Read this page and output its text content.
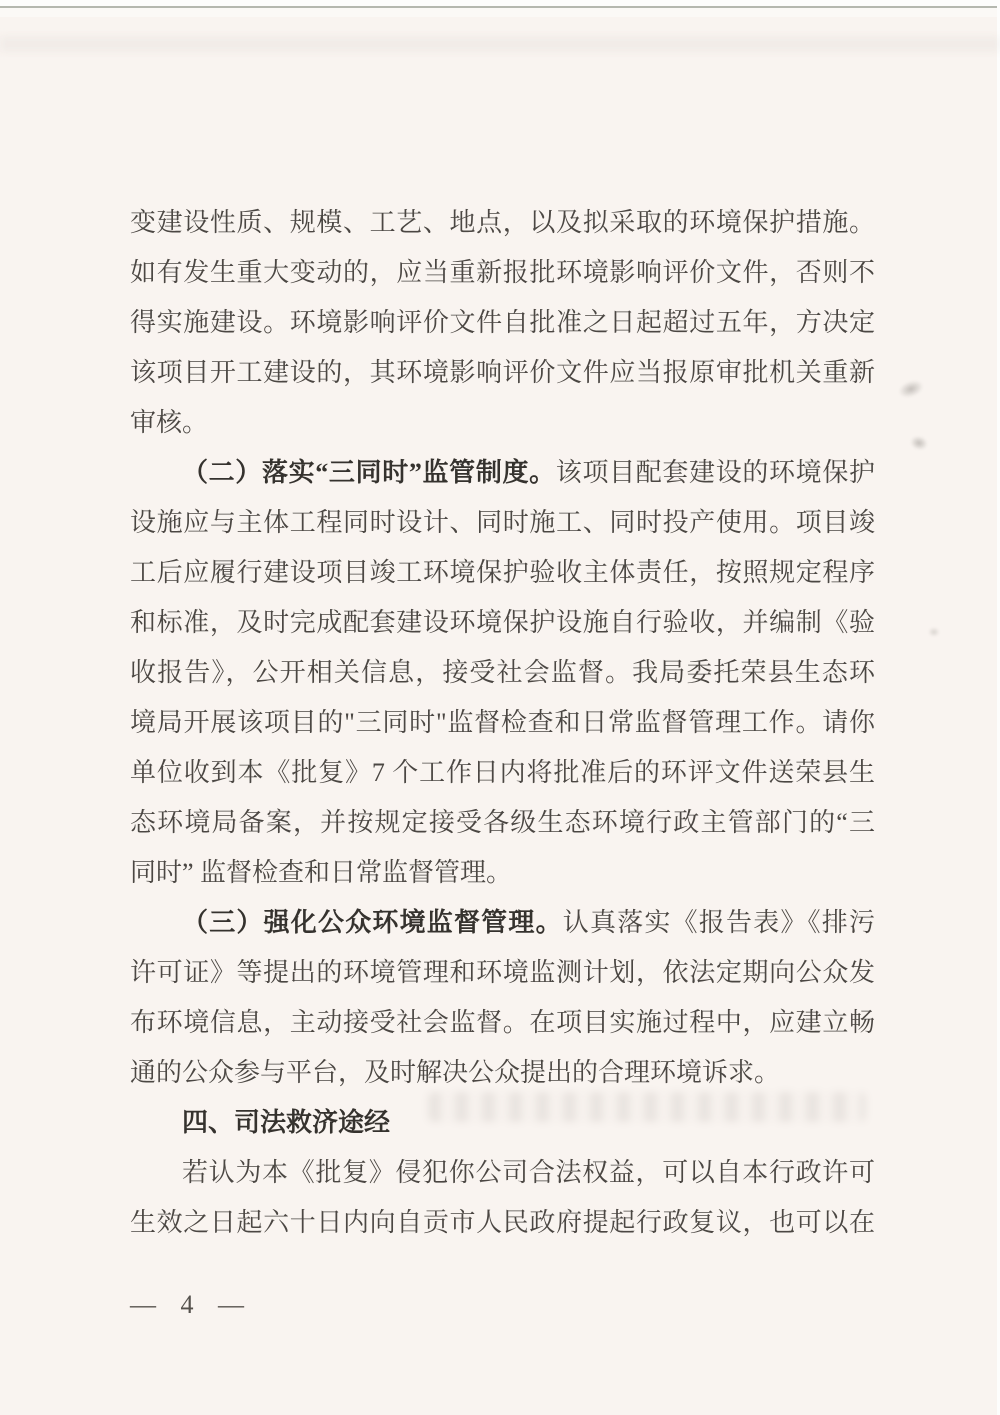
变建设性质、规模、工艺、地点，以及拟采取的环境保护措施。
如有发生重大变动的，应当重新报批环境影响评价文件，否则不
得实施建设。环境影响评价文件自批准之日起超过五年，方决定
该项目开工建设的，其环境影响评价文件应当报原审批机关重新
审核。
（二）落实“三同时”监管制度。该项目配套建设的环境保护
设施应与主体工程同时设计、同时施工、同时投产使用。项目竣
工后应履行建设项目竣工环境保护验收主体责任，按照规定程序
和标准，及时完成配套建设环境保护设施自行验收，并编制《验
收报告》，公开相关信息，接受社会监督。我局委托荣县生态环
境局开展该项目的"三同时"监督检查和日常监督管理工作。请你
单位收到本《批复》7 个工作日内将批准后的环评文件送荣县生
态环境局备案，并按规定接受各级生态环境行政主管部门的“三
同时” 监督检查和日常监督管理。
（三）强化公众环境监督管理。认真落实《报告表》《排污
许可证》等提出的环境管理和环境监测计划，依法定期向公众发
布环境信息，主动接受社会监督。在项目实施过程中，应建立畅
通的公众参与平台，及时解决公众提出的合理环境诉求。
四、司法救济途经
若认为本《批复》侵犯你公司合法权益，可以自本行政许可
生效之日起六十日内向自贡市人民政府提起行政复议，也可以在
— 4 —
